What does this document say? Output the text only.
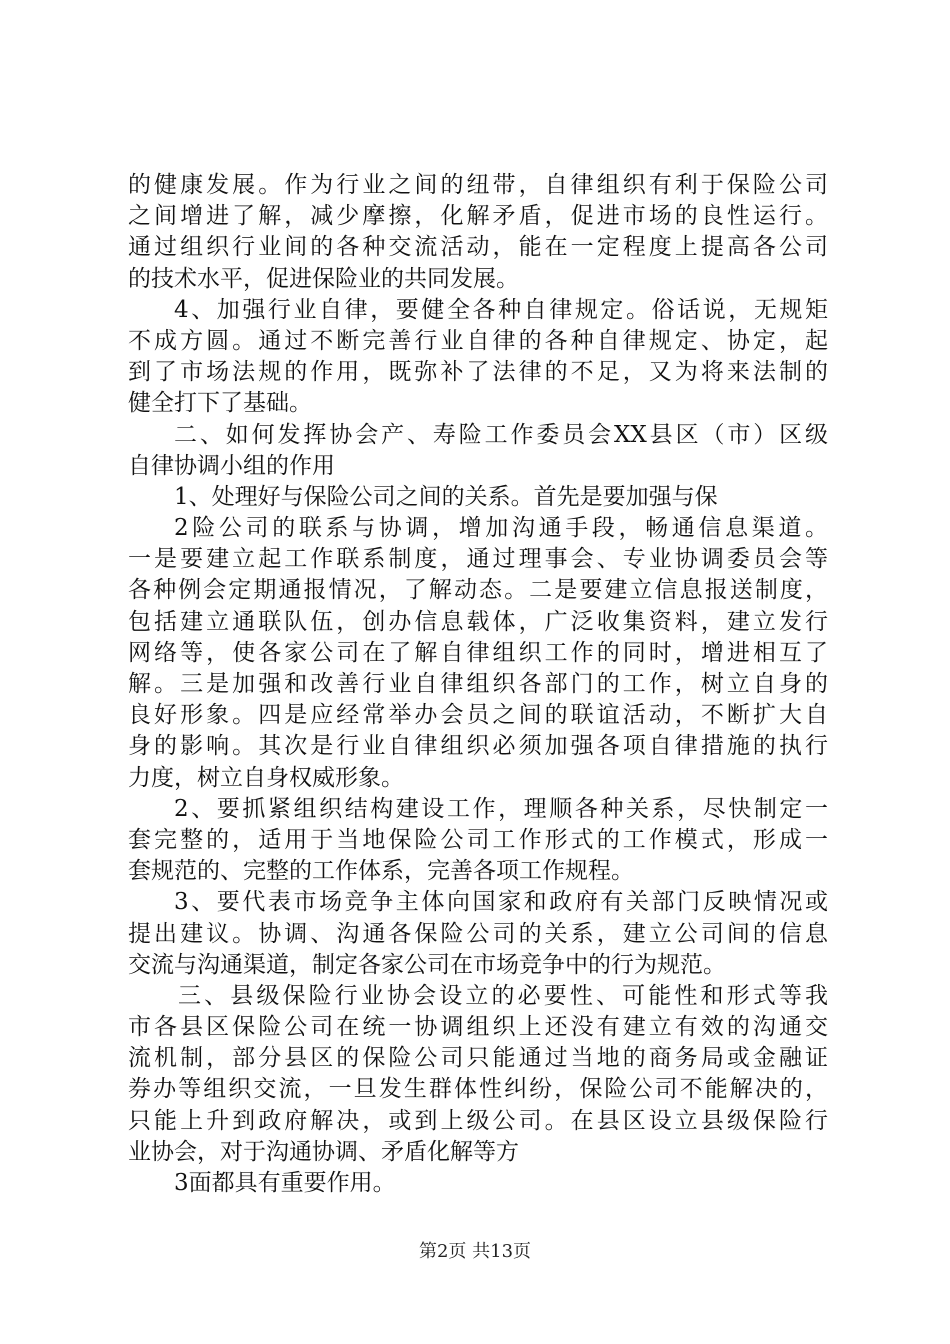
的健康发展。作为行业之间的纽带，自律组织有利于保险公司
之间增进了解，减少摩擦，化解矛盾，促进市场的良性运行。
通过组织行业间的各种交流活动，能在一定程度上提高各公司
的技术水平，促进保险业的共同发展。
4、加强行业自律，要健全各种自律规定。俗话说，无规矩
不成方圆。通过不断完善行业自律的各种自律规定、协定，起
到了市场法规的作用，既弥补了法律的不足，又为将来法制的
健全打下了基础。
二、如何发挥协会产、寿险工作委员会XX县区（市）区级
自律协调小组的作用
1、处理好与保险公司之间的关系。首先是要加强与保
2险公司的联系与协调，增加沟通手段，畅通信息渠道。
一是要建立起工作联系制度，通过理事会、专业协调委员会等
各种例会定期通报情况，了解动态。二是要建立信息报送制度，
包括建立通联队伍，创办信息载体，广泛收集资料，建立发行
网络等，使各家公司在了解自律组织工作的同时，增进相互了
解。三是加强和改善行业自律组织各部门的工作，树立自身的
良好形象。四是应经常举办会员之间的联谊活动，不断扩大自
身的影响。其次是行业自律组织必须加强各项自律措施的执行
力度，树立自身权威形象。
2、要抓紧组织结构建设工作，理顺各种关系，尽快制定一
套完整的，适用于当地保险公司工作形式的工作模式，形成一
套规范的、完整的工作体系，完善各项工作规程。
3、要代表市场竞争主体向国家和政府有关部门反映情况或
提出建议。协调、沟通各保险公司的关系，建立公司间的信息
交流与沟通渠道，制定各家公司在市场竞争中的行为规范。
三、县级保险行业协会设立的必要性、可能性和形式等我
市各县区保险公司在统一协调组织上还没有建立有效的沟通交
流机制，部分县区的保险公司只能通过当地的商务局或金融证
券办等组织交流，一旦发生群体性纠纷，保险公司不能解决的，
只能上升到政府解决，或到上级公司。在县区设立县级保险行
业协会，对于沟通协调、矛盾化解等方
3面都具有重要作用。
第2页 共13页
